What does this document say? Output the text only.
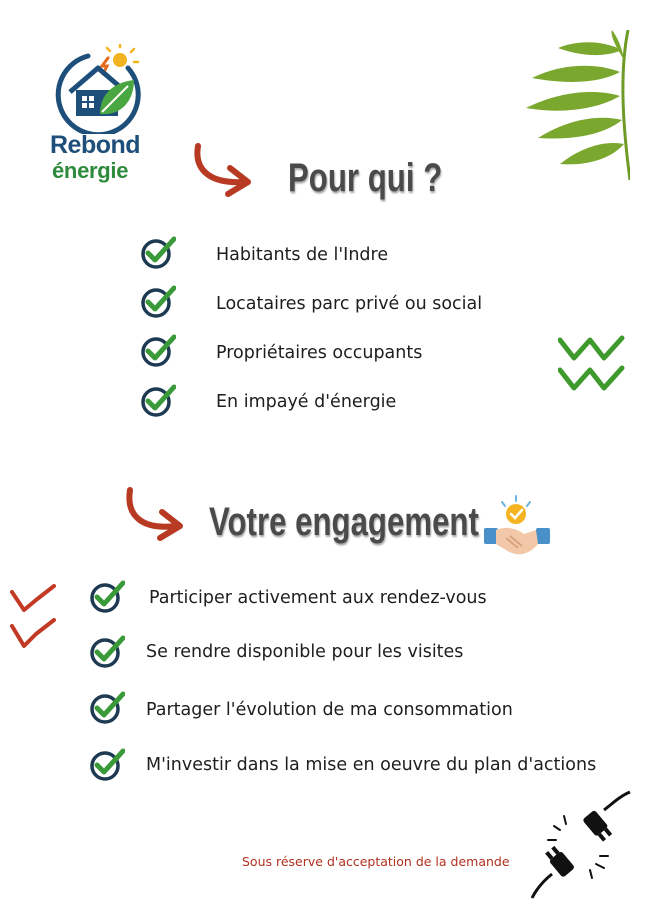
Rebond
énergie	Pour qui ?
Habitants de l'Indre
Locataires parc privé ou social
Propriétaires occupants
En impayé d'énergie
Votre engagement
Participer activement aux rendez-vous
Se rendre disponible pour les visites
Partager l'évolution de ma consommation
M'investir dans la mise en oeuvre du plan d'actions
Sous réserve d'acceptation de la demande
